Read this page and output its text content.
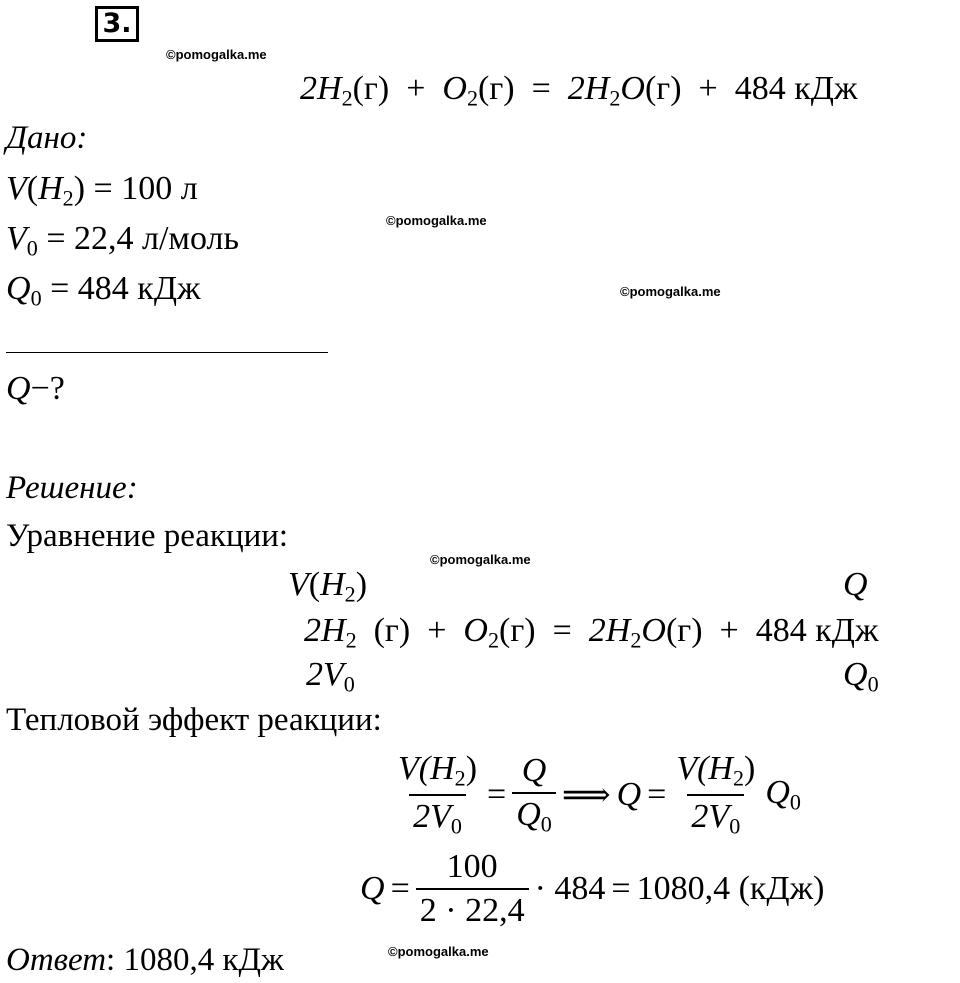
3.
©pomogalka.me
©pomogalka.me
©pomogalka.me
©pomogalka.me
©pomogalka.me
$2H_2(г) + O_2(г) = 2H_2O(г) + 484$ кДж
Дано:
$V(H_2) = 100$ л
$V_0 = 22,4$ л/моль
$Q_0 = 484$ кДж
Q−?
Решение:
Уравнение реакции:
$V(H_2)$	Q
$2H_2$ $(г) + O_2(г) = 2H_2O(г) + 484$ кДж
$2V_0$	$Q_0$
Тепловой эффект реакции:
$\frac{V(H_2)}{2V_0} = \frac{Q}{Q_0}$ ⟹ $Q = \frac{V(H_2)}{2V_0} Q_0$
$Q = \frac{100}{2 \cdot 22,4} \cdot 484 = 1080,4$ (кДж)
Ответ: 1080,4 кДж
